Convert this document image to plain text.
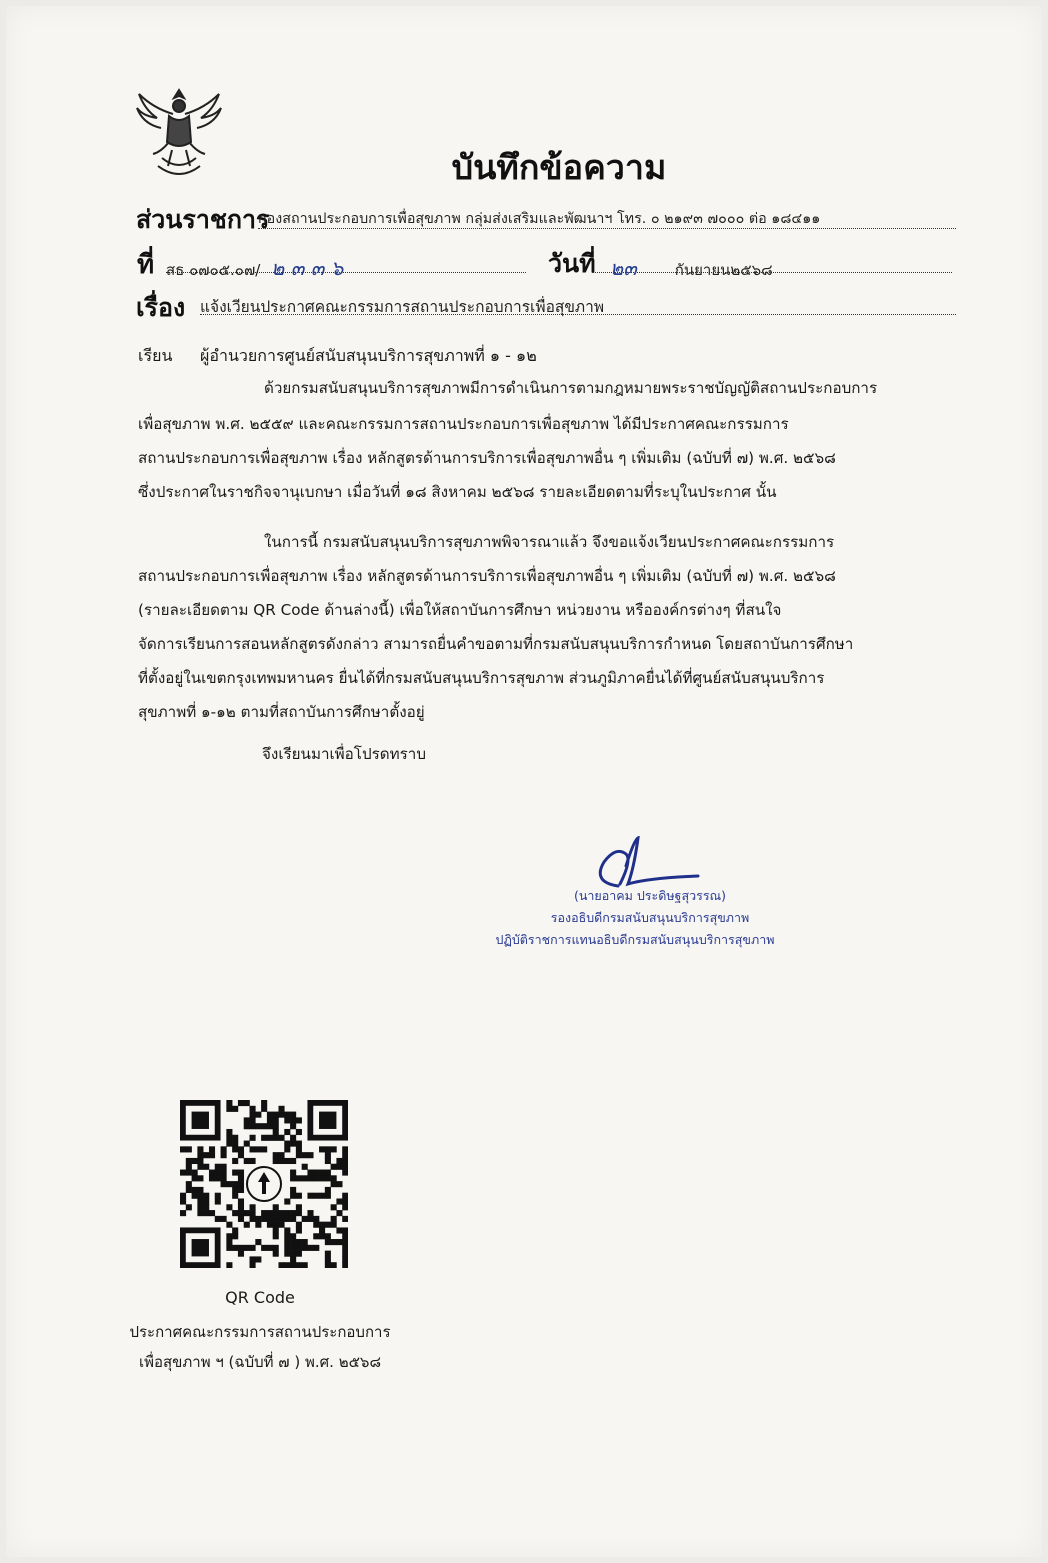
บันทึกข้อความ
ส่วนราชการ
กองสถานประกอบการเพื่อสุขภาพ กลุ่มส่งเสริมและพัฒนาฯ โทร. ๐ ๒๑๙๓ ๗๐๐๐ ต่อ ๑๘๔๑๑
ที่ สธ ๐๗๐๕.๐๗/ ๒ ๓ ๓ ๖	วันที่ ๒๓	กันยายน๒๕๖๘
เรื่อง แจ้งเวียนประกาศคณะกรรมการสถานประกอบการเพื่อสุขภาพ
เรียน ผู้อำนวยการศูนย์สนับสนุนบริการสุขภาพที่ ๑ - ๑๒
ด้วยกรมสนับสนุนบริการสุขภาพมีการดำเนินการตามกฎหมายพระราชบัญญัติสถานประกอบการ
เพื่อสุขภาพ พ.ศ. ๒๕๕๙ และคณะกรรมการสถานประกอบการเพื่อสุขภาพ ได้มีประกาศคณะกรรมการ
สถานประกอบการเพื่อสุขภาพ เรื่อง หลักสูตรด้านการบริการเพื่อสุขภาพอื่น ๆ เพิ่มเติม (ฉบับที่ ๗) พ.ศ. ๒๕๖๘
ซึ่งประกาศในราชกิจจานุเบกษา เมื่อวันที่ ๑๘ สิงหาคม ๒๕๖๘ รายละเอียดตามที่ระบุในประกาศ นั้น
ในการนี้ กรมสนับสนุนบริการสุขภาพพิจารณาแล้ว จึงขอแจ้งเวียนประกาศคณะกรรมการ
สถานประกอบการเพื่อสุขภาพ เรื่อง หลักสูตรด้านการบริการเพื่อสุขภาพอื่น ๆ เพิ่มเติม (ฉบับที่ ๗) พ.ศ. ๒๕๖๘
(รายละเอียดตาม QR Code ด้านล่างนี้) เพื่อให้สถาบันการศึกษา หน่วยงาน หรือองค์กรต่างๆ ที่สนใจ
จัดการเรียนการสอนหลักสูตรดังกล่าว สามารถยื่นคำขอตามที่กรมสนับสนุนบริการกำหนด โดยสถาบันการศึกษา
ที่ตั้งอยู่ในเขตกรุงเทพมหานคร ยื่นได้ที่กรมสนับสนุนบริการสุขภาพ ส่วนภูมิภาคยื่นได้ที่ศูนย์สนับสนุนบริการ
สุขภาพที่ ๑-๑๒ ตามที่สถาบันการศึกษาตั้งอยู่
จึงเรียนมาเพื่อโปรดทราบ
(นายอาคม ประดิษฐสุวรรณ)
รองอธิบดีกรมสนับสนุนบริการสุขภาพ
ปฏิบัติราชการแทนอธิบดีกรมสนับสนุนบริการสุขภาพ
QR Code
ประกาศคณะกรรมการสถานประกอบการ
เพื่อสุขภาพ ฯ (ฉบับที่ ๗ ) พ.ศ. ๒๕๖๘
